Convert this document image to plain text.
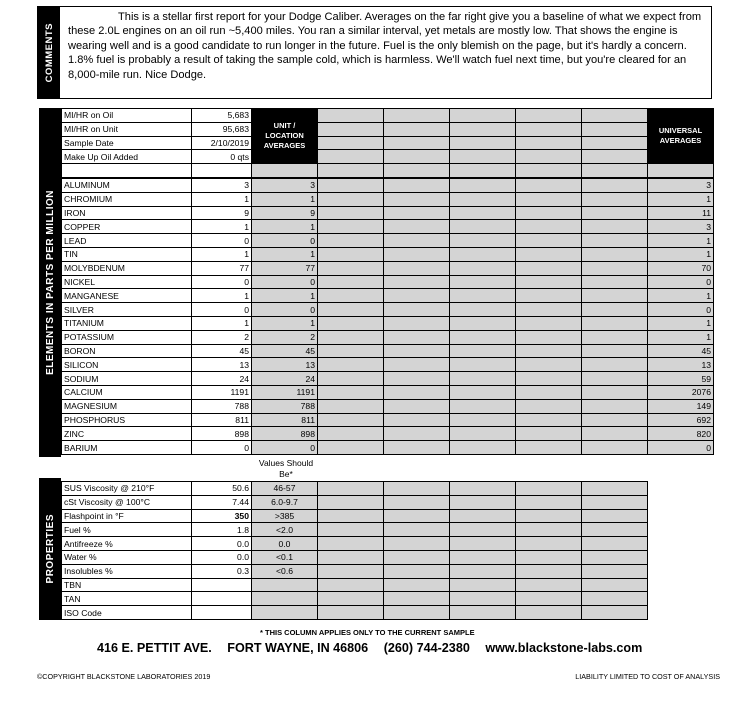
COMMENTS
This is a stellar first report for your Dodge Caliber. Averages on the far right give you a baseline of what we expect from these 2.0L engines on an oil run ~5,400 miles. You ran a similar interval, yet metals are mostly low. That shows the engine is wearing well and is a good candidate to run longer in the future. Fuel is the only blemish on the page, but it's hardly a concern. 1.8% fuel is probably a result of taking the sample cold, which is harmless. We'll watch fuel next time, but you're cleared for an 8,000-mile run. Nice Dodge.
ELEMENTS IN PARTS PER MILLION
MI/HR on Oil	5,683	UNIT / LOCATION AVERAGES						UNIVERSAL AVERAGES
MI/HR on Unit	95,683							
Sample Date	2/10/2019							
Make Up Oil Added	0 qts							

ALUMINUM	3	3						3
CHROMIUM	1	1						1
IRON	9	9						11
COPPER	1	1						3
LEAD	0	0						1
TIN	1	1						1
MOLYBDENUM	77	77						70
NICKEL	0	0						0
MANGANESE	1	1						1
SILVER	0	0						0
TITANIUM	1	1						1
POTASSIUM	2	2						1
BORON	45	45						45
SILICON	13	13						13
SODIUM	24	24						59
CALCIUM	1191	1191						2076
MAGNESIUM	788	788						149
PHOSPHORUS	811	811						692
ZINC	898	898						820
BARIUM	0	0						0
Values Should Be*
PROPERTIES
SUS Viscosity @ 210°F	50.6	46-57					
cSt Viscosity @ 100°C	7.44	6.0-9.7					
Flashpoint in °F	350	>385					
Fuel %	1.8	<2.0					
Antifreeze %	0.0	0.0					
Water %	0.0	<0.1					
Insolubles %	0.3	<0.6					
TBN							
TAN							
ISO Code							
* THIS COLUMN APPLIES ONLY TO THE CURRENT SAMPLE
416 E. PETTIT AVE. FORT WAYNE, IN 46806 (260) 744-2380 www.blackstone-labs.com
©COPYRIGHT BLACKSTONE LABORATORIES 2019	LIABILITY LIMITED TO COST OF ANALYSIS
